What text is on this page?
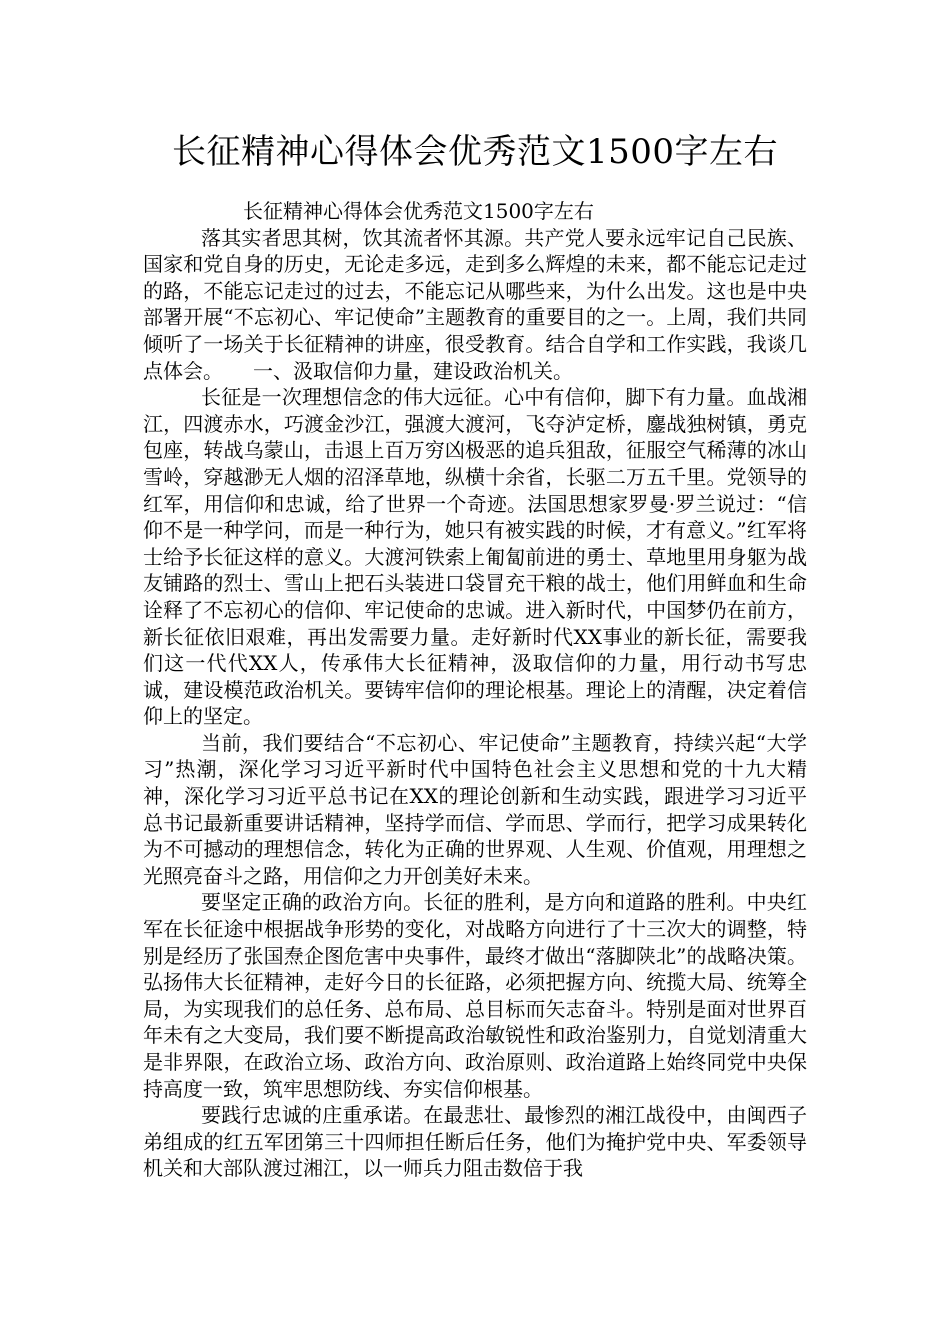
长征精神心得体会优秀范文1500字左右

长征精神心得体会优秀范文1500字左右

落其实者思其树，饮其流者怀其源。共产党人要永远牢记自己民族、国家和党自身的历史，无论走多远，走到多么辉煌的未来，都不能忘记走过的路，不能忘记走过的过去，不能忘记从哪些来，为什么出发。这也是中央部署开展“不忘初心、牢记使命”主题教育的重要目的之一。上周，我们共同倾听了一场关于长征精神的讲座，很受教育。结合自学和工作实践，我谈几点体会。　　一、汲取信仰力量，建设政治机关。

长征是一次理想信念的伟大远征。心中有信仰，脚下有力量。血战湘江，四渡赤水，巧渡金沙江，强渡大渡河，飞夺泸定桥，鏖战独树镇，勇克包座，转战乌蒙山，击退上百万穷凶极恶的追兵狙敌，征服空气稀薄的冰山雪岭，穿越渺无人烟的沼泽草地，纵横十余省，长驱二万五千里。党领导的红军，用信仰和忠诚，给了世界一个奇迹。法国思想家罗曼·罗兰说过：“信仰不是一种学问，而是一种行为，她只有被实践的时候，才有意义。”红军将士给予长征这样的意义。大渡河铁索上匍匐前进的勇士、草地里用身躯为战友铺路的烈士、雪山上把石头装进口袋冒充干粮的战士，他们用鲜血和生命诠释了不忘初心的信仰、牢记使命的忠诚。进入新时代，中国梦仍在前方，新长征依旧艰难，再出发需要力量。走好新时代XX事业的新长征，需要我们这一代代XX人，传承伟大长征精神，汲取信仰的力量，用行动书写忠诚，建设模范政治机关。要铸牢信仰的理论根基。理论上的清醒，决定着信仰上的坚定。

当前，我们要结合“不忘初心、牢记使命”主题教育，持续兴起“大学习”热潮，深化学习习近平新时代中国特色社会主义思想和党的十九大精神，深化学习习近平总书记在XX的理论创新和生动实践，跟进学习习近平总书记最新重要讲话精神，坚持学而信、学而思、学而行，把学习成果转化为不可撼动的理想信念，转化为正确的世界观、人生观、价值观，用理想之光照亮奋斗之路，用信仰之力开创美好未来。

要坚定正确的政治方向。长征的胜利，是方向和道路的胜利。中央红军在长征途中根据战争形势的变化，对战略方向进行了十三次大的调整，特别是经历了张国焘企图危害中央事件，最终才做出“落脚陕北”的战略决策。弘扬伟大长征精神，走好今日的长征路，必须把握方向、统揽大局、统筹全局，为实现我们的总任务、总布局、总目标而矢志奋斗。特别是面对世界百年未有之大变局，我们要不断提高政治敏锐性和政治鉴别力，自觉划清重大是非界限，在政治立场、政治方向、政治原则、政治道路上始终同党中央保持高度一致，筑牢思想防线、夯实信仰根基。

要践行忠诚的庄重承诺。在最悲壮、最惨烈的湘江战役中，由闽西子弟组成的红五军团第三十四师担任断后任务，他们为掩护党中央、军委领导机关和大部队渡过湘江，以一师兵力阻击数倍于我
